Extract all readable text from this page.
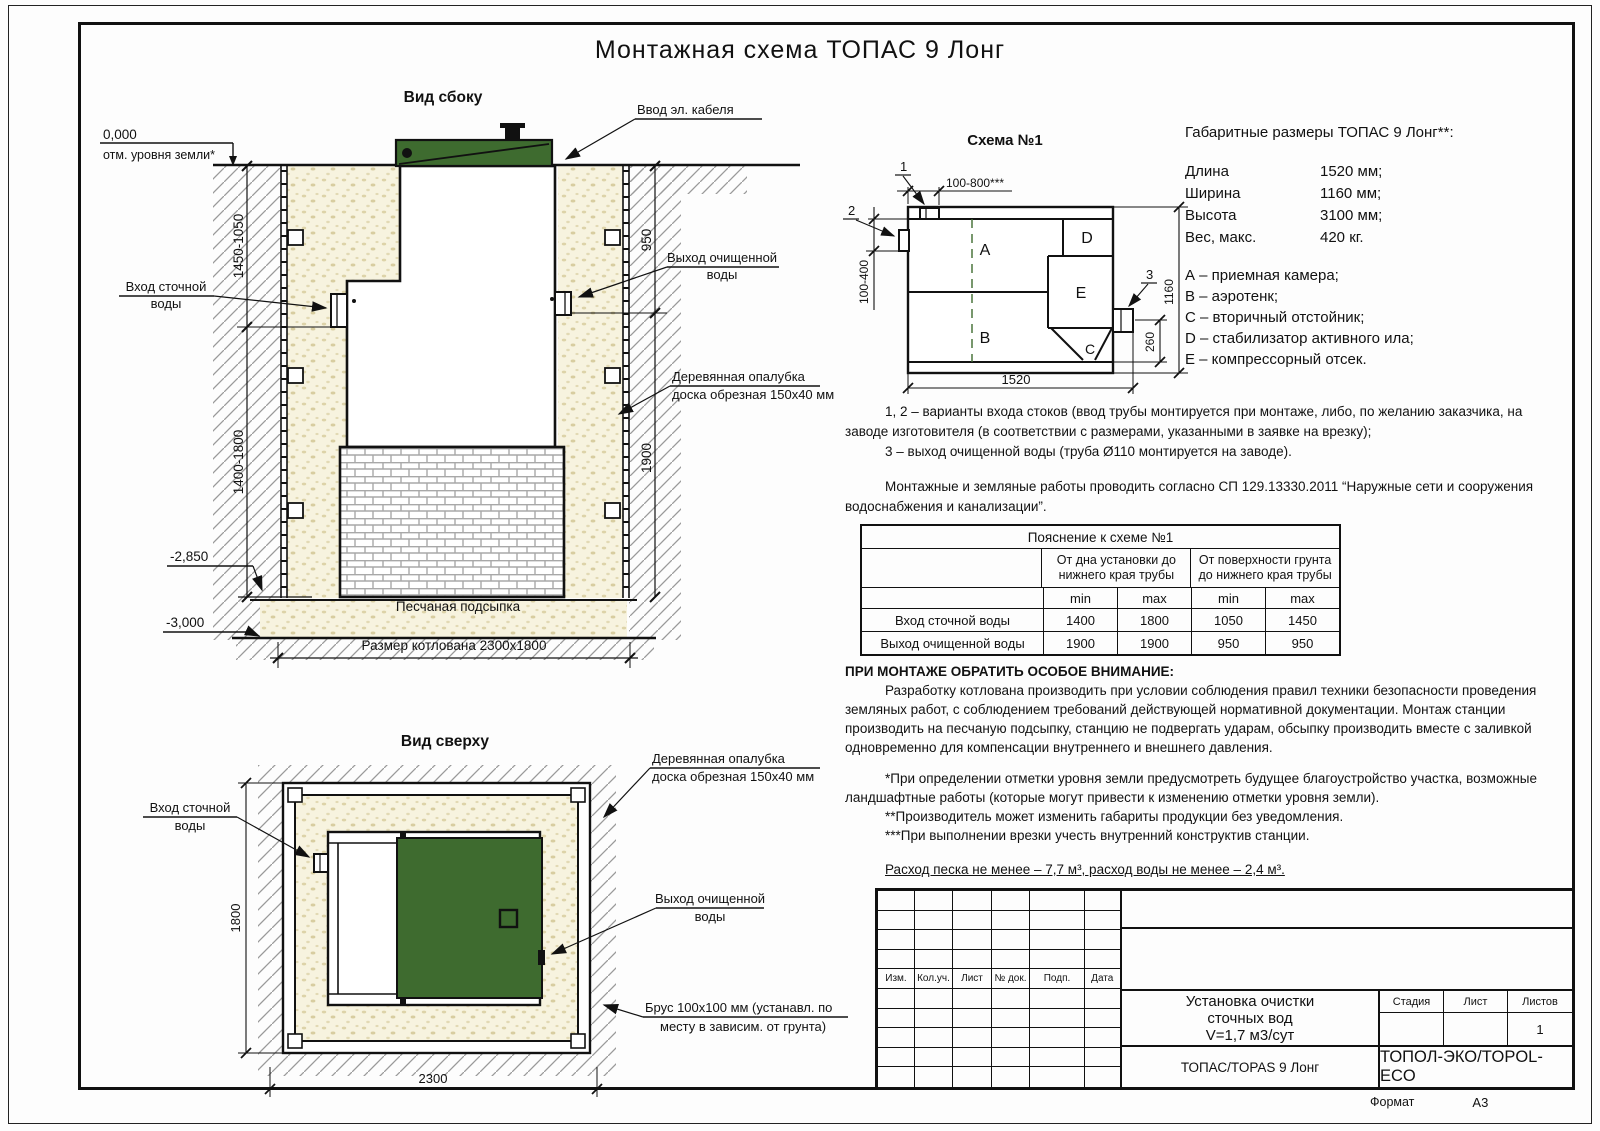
Монтажная схема ТОПАС 9 Лонг
1450-1050
1400-1800
950
1900
0,000
отм. уровня земли*
-2,850
-3,000
Размер котлована 2300х1800
Вид сбоку
Ввод эл. кабеля
Вход сточной
воды
Выход очищенной
воды
Деревянная опалубка
доска обрезная 150х40 мм
Песчаная подсыпка
Схема №1
A
B
C
D
E
1
2
3
100-800***
100-400	1160
260
1520
Габаритные размеры ТОПАС 9 Лонг**:
Длина	1520 мм;
Ширина	1160 мм;
Высота	3100 мм;
Вес, макс.	420 кг.
А – приемная камера;
В – аэротенк;
С – вторичный отстойник;
D – стабилизатор активного ила;
Е – компрессорный отсек.

1, 2 – варианты входа стоков (ввод трубы монтируется при монтаже, либо, по желанию заказчика, на заводе изготовителя (в соответствии с размерами, указанными в заявке на врезку);

3 – выход очищенной воды (труба Ø110 монтируется на заводе).

Монтажные и земляные работы проводить согласно СП 129.13330.2011 “Наружные сети и сооружения водоснабжения и канализации”.

Пояснение к схеме №1
От дна установки до нижнего края трубы
От поверхности грунта до нижнего края трубы
min	max	min	max
Вход сточной воды	1400	1800	1050	1450
Выход очищенной воды	1900	1900	950	950
ПРИ МОНТАЖЕ ОБРАТИТЬ ОСОБОЕ ВНИМАНИЕ:

Разработку котлована производить при условии соблюдения правил техники безопасности проведения земляных работ, с соблюдением требований действующей нормативной документации. Монтаж станции производить на песчаную подсыпку, станцию не подвергать ударам, обсыпку производить вместе с заливкой одновременно для компенсации внутреннего и внешнего давления.

*При определении отметки уровня земли предусмотреть будущее благоустройство участка, возможные ландшафтные работы (которые могут привести к изменению отметки уровня земли).

**Производитель может изменить габариты продукции без уведомления.

***При выполнении врезки учесть внутренний конструктив станции.

Расход песка не менее – 7,7 м³, расход воды не менее – 2,4 м³.
Вид сверху
1800
2300
Вход сточной
воды
Деревянная опалубка
доска обрезная 150х40 мм
Выход очищенной
воды
Брус 100х100 мм (устанавл. по
месту в зависим. от грунта)
Изм.	Кол.уч.	Лист	№ док.	Подп.	Дата
Установка очистки
сточных вод
V=1,7 м3/сут
Стадия	Лист	Листов
1
ТОПАС/TOPAS 9 Лонг
ТОПОЛ-ЭКО/TOPOL-ECO
Формат	А3
